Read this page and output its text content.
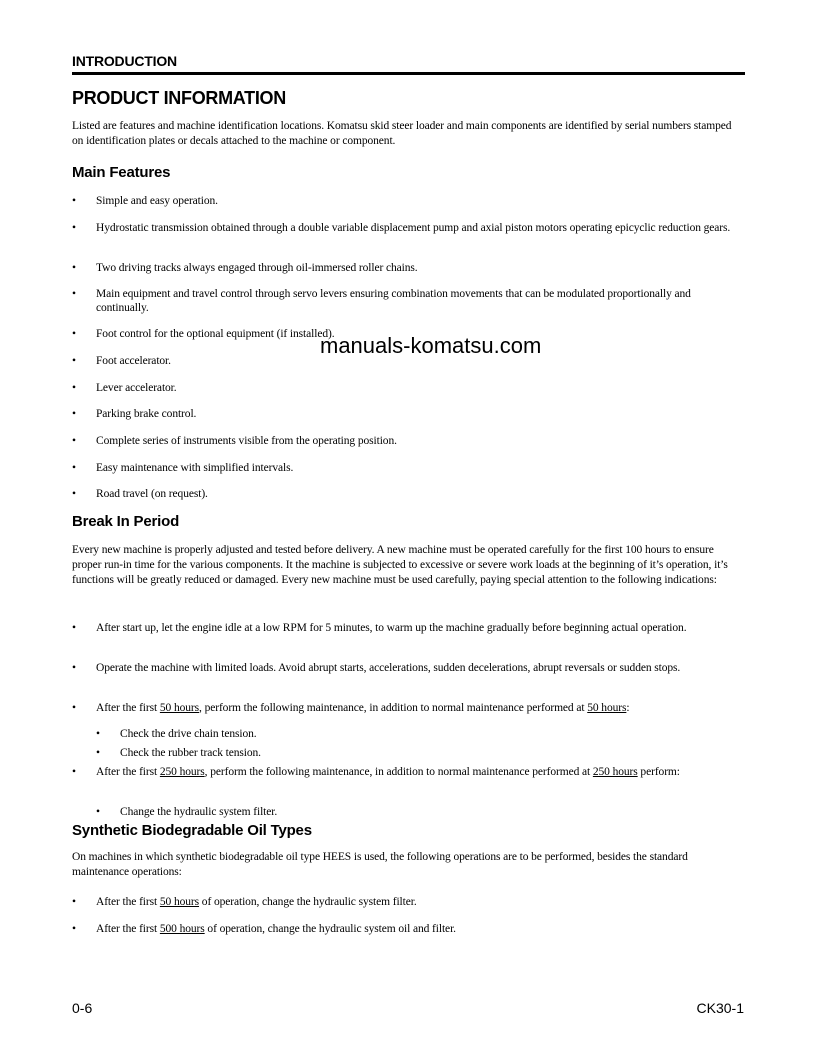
INTRODUCTION
PRODUCT INFORMATION

Listed are features and machine identification locations. Komatsu skid steer loader and main components are identified by serial numbers stamped on identification plates or decals attached to the machine or component.

Main Features
•	Simple and easy operation.
•	Hydrostatic transmission obtained through a double variable displacement pump and axial piston motors operating epicyclic reduction gears.
•	Two driving tracks always engaged through oil-immersed roller chains.
•	Main equipment and travel control through servo levers ensuring combination movements that can be modulated proportionally and continually.
•	Foot control for the optional equipment (if installed).
•	Foot accelerator.
•	Lever accelerator.
•	Parking brake control.
•	Complete series of instruments visible from the operating position.
•	Easy maintenance with simplified intervals.
•	Road travel (on request).
Break In Period

Every new machine is properly adjusted and tested before delivery. A new machine must be operated carefully for the first 100 hours to ensure proper run-in time for the various components. It the machine is subjected to excessive or severe work loads at the beginning of it’s operation, it’s functions will be greatly reduced or damaged. Every new machine must be used carefully, paying special attention to the following indications:

•	After start up, let the engine idle at a low RPM for 5 minutes, to warm up the machine gradually before beginning actual operation.
•	Operate the machine with limited loads. Avoid abrupt starts, accelerations, sudden decelerations, abrupt reversals or sudden stops.
•	After the first 50 hours, perform the following maintenance, in addition to normal maintenance performed at 50 hours:
•	Check the drive chain tension.
•	Check the rubber track tension.
•	After the first 250 hours, perform the following maintenance, in addition to normal maintenance performed at 250 hours perform:
•	Change the hydraulic system filter.
Synthetic Biodegradable Oil Types

On machines in which synthetic biodegradable oil type HEES is used, the following operations are to be performed, besides the standard maintenance operations:

•	After the first 50 hours of operation, change the hydraulic system filter.
•	After the first 500 hours of operation, change the hydraulic system oil and filter.
manuals-komatsu.com
0-6	CK30-1
